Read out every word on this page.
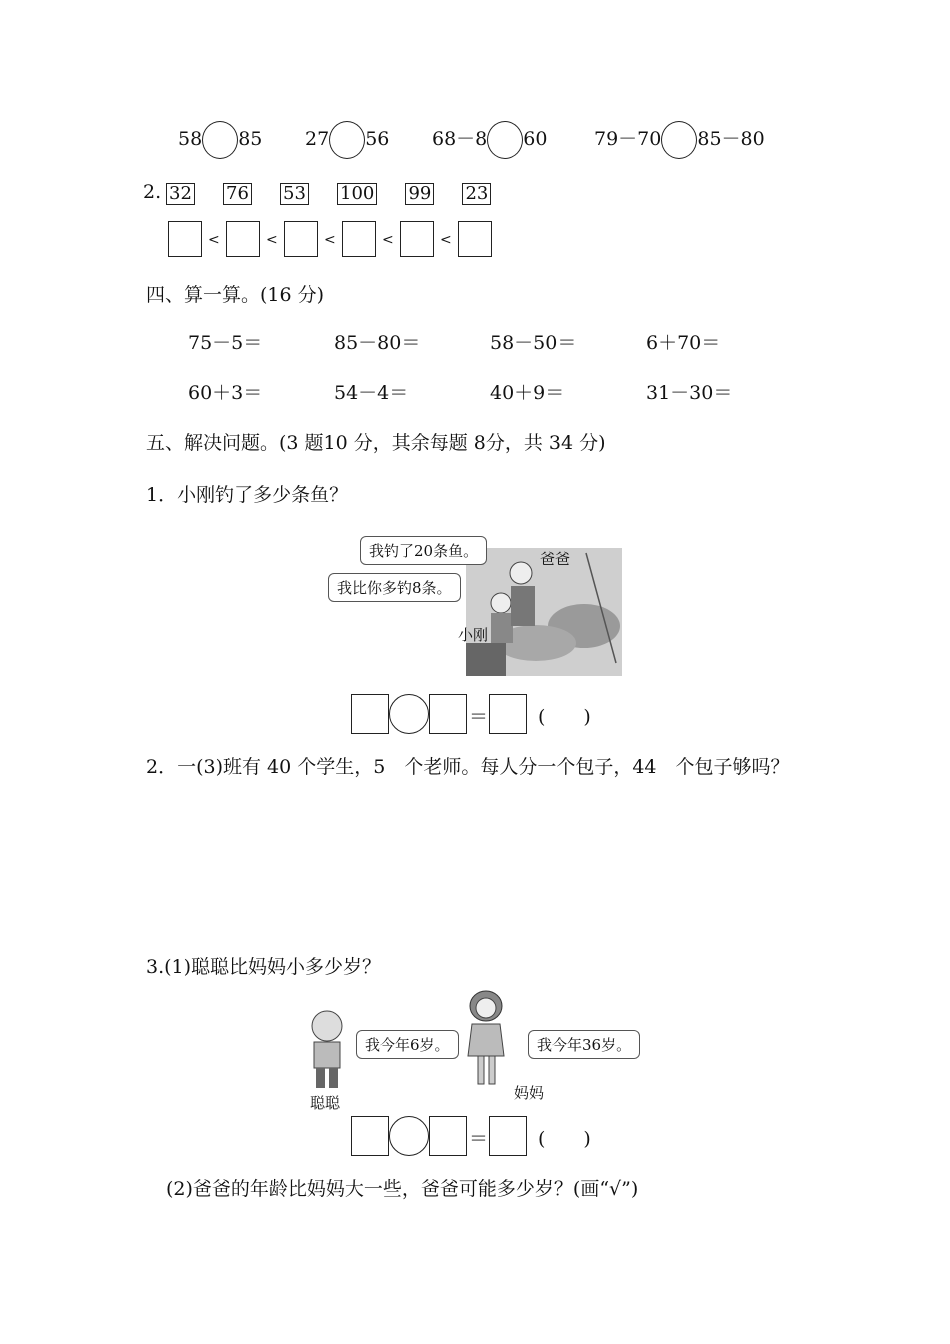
58 85 27 56 68－8 60 79－70 85－80
2. 32 76 53 100 99 23
<	<	<	<	<
四、算一算。(16 分)
75－5＝	85－80＝	58－50＝	6＋70＝
60＋3＝	54－4＝	40＋9＝	31－30＝
五、解决问题。(3 题10 分，其余每题 8分，共 34 分)
1．小刚钓了多少条鱼？
我钓了20条鱼。
我比你多钓8条。
爸爸
小刚
＝	(　　)
2．一(3)班有 40 个学生，5　个老师。每人分一个包子，44　个包子够吗？
3.(1)聪聪比妈妈小多少岁？
我今年6岁。
聪聪
我今年36岁。
妈妈
＝	(　　)
(2)爸爸的年龄比妈妈大一些，爸爸可能多少岁？(画“√”)
